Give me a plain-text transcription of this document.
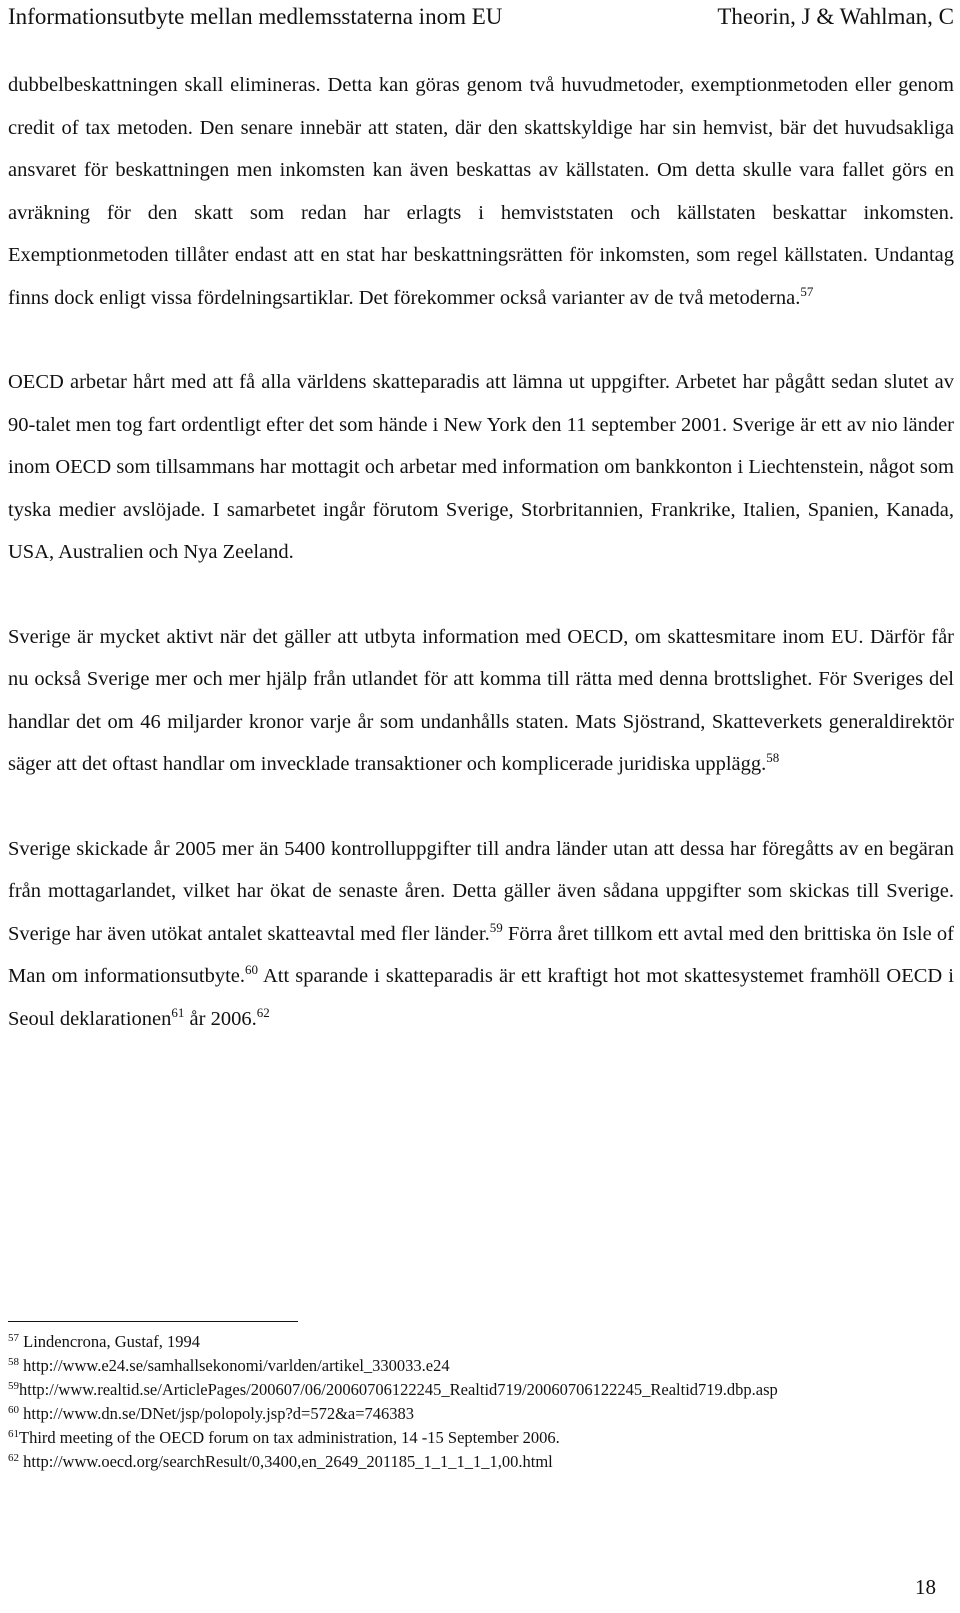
Informationsutbyte mellan medlemsstaterna inom EU	Theorin, J & Wahlman, C

dubbelbeskattningen skall elimineras. Detta kan göras genom två huvudmetoder, exemptionmetoden eller genom credit of tax metoden. Den senare innebär att staten, där den skattskyldige har sin hemvist, bär det huvudsakliga ansvaret för beskattningen men inkomsten kan även beskattas av källstaten. Om detta skulle vara fallet görs en avräkning för den skatt som redan har erlagts i hemviststaten och källstaten beskattar inkomsten. Exemptionmetoden tillåter endast att en stat har beskattningsrätten för inkomsten, som regel källstaten. Undantag finns dock enligt vissa fördelningsartiklar. Det förekommer också varianter av de två metoderna.$^{57}$

OECD arbetar hårt med att få alla världens skatteparadis att lämna ut uppgifter. Arbetet har pågått sedan slutet av 90-talet men tog fart ordentligt efter det som hände i New York den 11 september 2001. Sverige är ett av nio länder inom OECD som tillsammans har mottagit och arbetar med information om bankkonton i Liechtenstein, något som tyska medier avslöjade. I samarbetet ingår förutom Sverige, Storbritannien, Frankrike, Italien, Spanien, Kanada, USA, Australien och Nya Zeeland.

Sverige är mycket aktivt när det gäller att utbyta information med OECD, om skattesmitare inom EU. Därför får nu också Sverige mer och mer hjälp från utlandet för att komma till rätta med denna brottslighet. För Sveriges del handlar det om 46 miljarder kronor varje år som undanhålls staten. Mats Sjöstrand, Skatteverkets generaldirektör säger att det oftast handlar om invecklade transaktioner och komplicerade juridiska upplägg.$^{58}$

Sverige skickade år 2005 mer än 5400 kontrolluppgifter till andra länder utan att dessa har föregåtts av en begäran från mottagarlandet, vilket har ökat de senaste åren. Detta gäller även sådana uppgifter som skickas till Sverige. Sverige har även utökat antalet skatteavtal med fler länder.$^{59}$ Förra året tillkom ett avtal med den brittiska ön Isle of Man om informationsutbyte.$^{60}$ Att sparande i skatteparadis är ett kraftigt hot mot skattesystemet framhöll OECD i Seoul deklarationen$^{61}$ år 2006.62

$^{57}$ Lindencrona, Gustaf, 1994

$^{58}$ http://www.e24.se/samhallsekonomi/varlden/artikel_330033.e24

$^{59}$http://www.realtid.se/ArticlePages/200607/06/20060706122245_Realtid719/20060706122245_Realtid719.dbp.asp

$^{60}$ http://www.dn.se/DNet/jsp/polopoly.jsp?d=572&a=746383

$^{61}$Third meeting of the OECD forum on tax administration, 14 -15 September 2006.

$^{62}$ http://www.oecd.org/searchResult/0,3400,en_2649_201185_1_1_1_1_1,00.html

18
